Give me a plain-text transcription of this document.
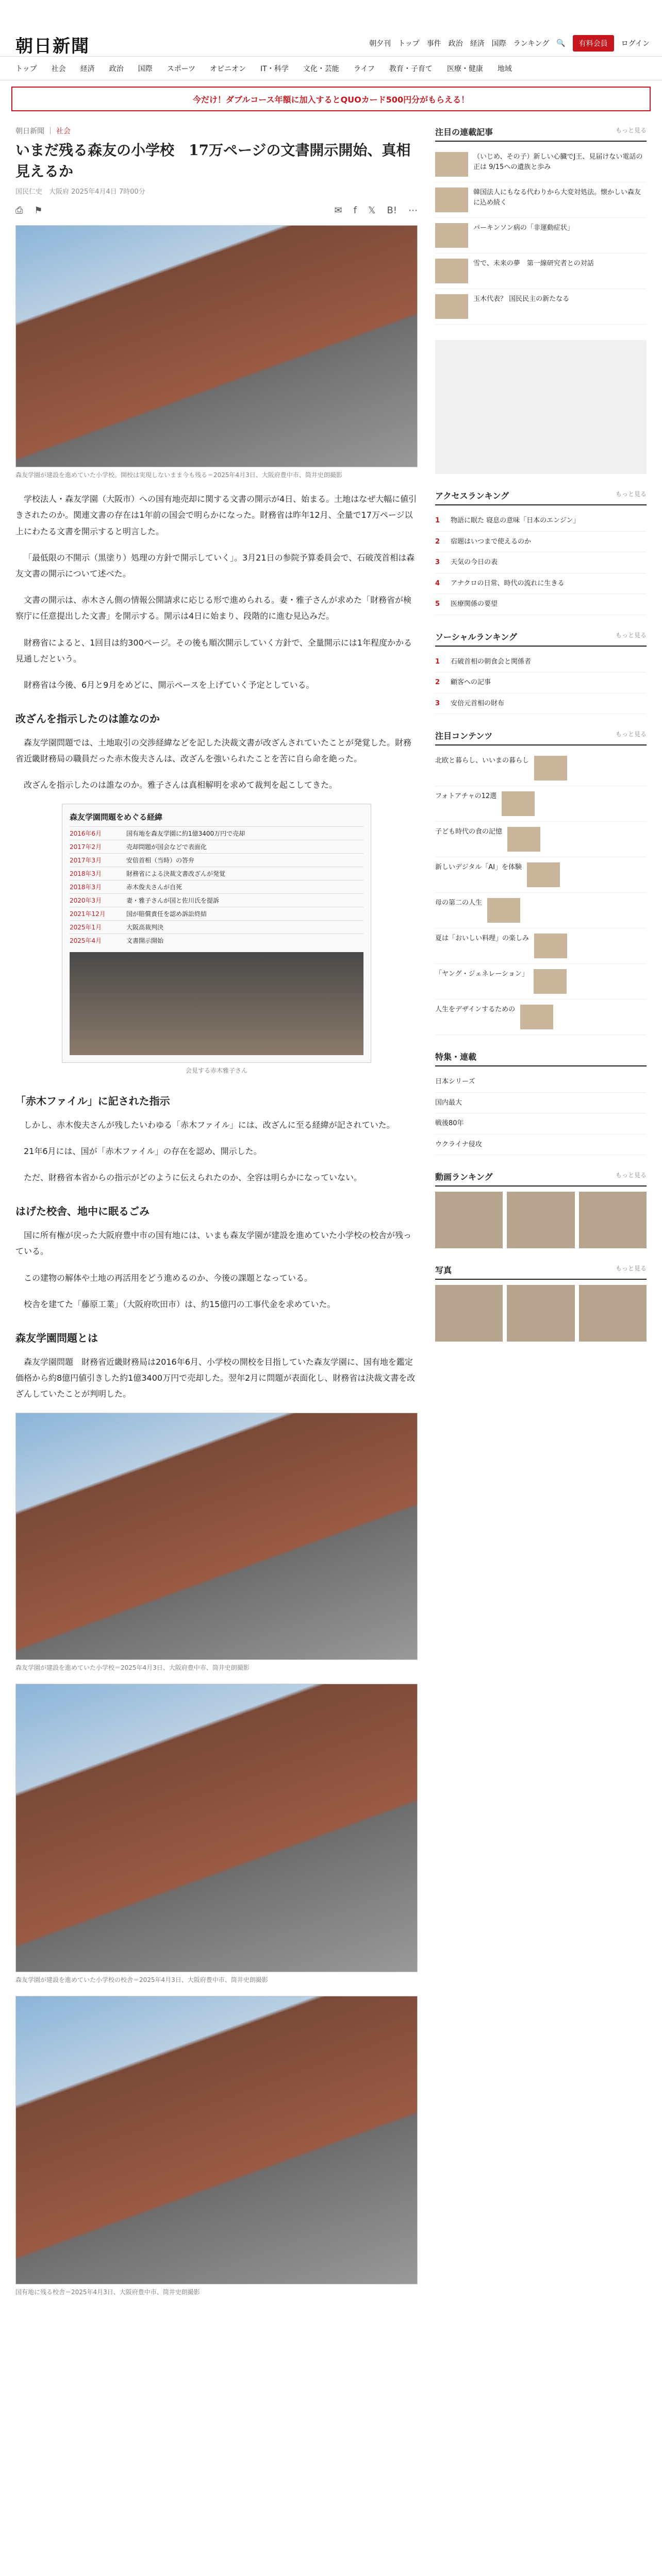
朝日新聞	朝夕刊 トップ 事件 政治 経済 国際 ランキング 🔍	有料会員	ログイン
トップ 社会 経済 政治 国際 スポーツ オピニオン IT・科学 文化・芸能 ライフ 教育・子育て 医療・健康 地域
今だけ！ダブルコース年額に加入するとQUOカード500円分がもらえる！
朝日新聞 ｜ 社会
いまだ残る森友の小学校　17万ページの文書開示開始、真相見えるか
国民仁史　大阪府 2025年4月4日 7時00分
⎙ ⚑	✉ f 𝕏 B! ⋯
森友学園が建設を進めていた小学校。開校は実現しないまま今も残る＝2025年4月3日、大阪府豊中市、筒井史朗撮影

学校法人・森友学園（大阪市）への国有地売却に関する文書の開示が4日、始まる。土地はなぜ大幅に値引きされたのか。関連文書の存在は1年前の国会で明らかになった。財務省は昨年12月、全量で17万ページ以上にわたる文書を開示すると明言した。

「最低限の不開示（黒塗り）処理の方針で開示していく」。3月21日の参院予算委員会で、石破茂首相は森友文書の開示について述べた。

文書の開示は、赤木さん側の情報公開請求に応じる形で進められる。妻・雅子さんが求めた「財務省が検察庁に任意提出した文書」を開示する。開示は4日に始まり、段階的に進む見込みだ。

財務省によると、1回目は約300ページ。その後も順次開示していく方針で、全量開示には1年程度かかる見通しだという。

財務省は今後、6月と9月をめどに、開示ペースを上げていく予定としている。

改ざんを指示したのは誰なのか

森友学園問題では、土地取引の交渉経緯などを記した決裁文書が改ざんされていたことが発覚した。財務省近畿財務局の職員だった赤木俊夫さんは、改ざんを強いられたことを苦に自ら命を絶った。

改ざんを指示したのは誰なのか。雅子さんは真相解明を求めて裁判を起こしてきた。

森友学園問題をめぐる経緯
2016年6月	国有地を森友学園に約1億3400万円で売却
2017年2月	売却問題が国会などで表面化
2017年3月	安倍首相（当時）の答弁
2018年3月	財務省による決裁文書改ざんが発覚
2018年3月	赤木俊夫さんが自死
2020年3月	妻・雅子さんが国と佐川氏を提訴
2021年12月	国が賠償責任を認め訴訟終結
2025年1月	大阪高裁判決
2025年4月	文書開示開始
会見する赤木雅子さん
「赤木ファイル」に記された指示

しかし、赤木俊夫さんが残したいわゆる「赤木ファイル」には、改ざんに至る経緯が記されていた。

21年6月には、国が「赤木ファイル」の存在を認め、開示した。

ただ、財務省本省からの指示がどのように伝えられたのか、全容は明らかになっていない。

はげた校舎、地中に眠るごみ

国に所有権が戻った大阪府豊中市の国有地には、いまも森友学園が建設を進めていた小学校の校舎が残っている。

この建物の解体や土地の再活用をどう進めるのか、今後の課題となっている。

校舎を建てた「藤原工業」（大阪府吹田市）は、約15億円の工事代金を求めていた。

森友学園問題とは

森友学園問題　財務省近畿財務局は2016年6月、小学校の開校を目指していた森友学園に、国有地を鑑定価格から約8億円値引きした約1億3400万円で売却した。翌年2月に問題が表面化し、財務省は決裁文書を改ざんしていたことが判明した。

森友学園が建設を進めていた小学校＝2025年4月3日、大阪府豊中市、筒井史朗撮影
森友学園が建設を進めていた小学校の校舎＝2025年4月3日、大阪府豊中市、筒井史朗撮影
国有地に残る校舎＝2025年4月3日、大阪府豊中市、筒井史朗撮影
注目の連載記事	もっと見る
（いじめ、その子）新しい心臓でJ王、見届けない電話の正は 9/15への遺族と歩み
韓国法人にもなる代わりから大変対処法。懐かしい森友に込め続く
パーキンソン病の「非運動症状」
雪で、未来の夢　第一線研究者との対話
玉木代表？ 国民民主の新たなる
アクセスランキング	もっと見る
1	物語に眠た 寝息の意味「日本のエンジン」
2	宿題はいつまで使えるのか
3	天気の今日の表
4	アナクロの日常、時代の流れに生きる
5	医療関係の要望
ソーシャルランキング	もっと見る
1	石破首相の朝食会と関係者
2	顧客への記事
3	安倍元首相の財布
注目コンテンツ	もっと見る
北欧と暮らし、いいまの暮らし
フォトアチャの12選
子ども時代の食の記憶
新しいデジタル「AI」を体験
母の第二の人生
夏は「おいしい料理」の楽しみ
「ヤング・ジェネレーション」
人生をデザインするための
特集・連載
日本シリーズ
国内最大
戦後80年
ウクライナ侵攻
動画ランキング	もっと見る
写真	もっと見る
